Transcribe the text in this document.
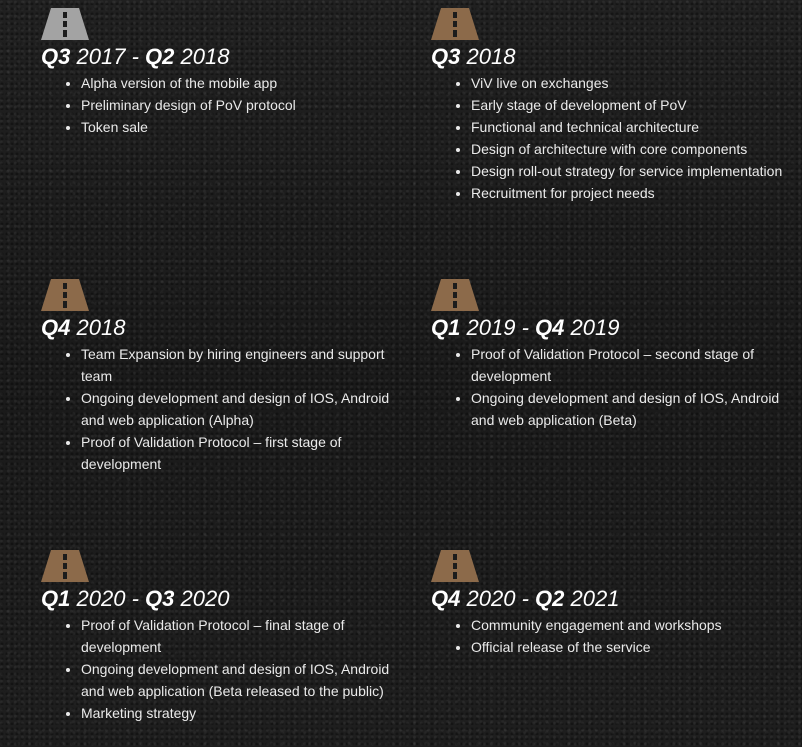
Q3 2017 - Q2 2018
• Alpha version of the mobile app
• Preliminary design of PoV protocol
• Token sale
Q3 2018
• ViV live on exchanges
• Early stage of development of PoV
• Functional and technical architecture
• Design of architecture with core components
• Design roll-out strategy for service implementation
• Recruitment for project needs
Q4 2018
• Team Expansion by hiring engineers and support team
• Ongoing development and design of IOS, Android and web application (Alpha)
• Proof of Validation Protocol – first stage of development
Q1 2019 - Q4 2019
• Proof of Validation Protocol – second stage of development
• Ongoing development and design of IOS, Android and web application (Beta)
Q1 2020 - Q3 2020
• Proof of Validation Protocol – final stage of development
• Ongoing development and design of IOS, Android and web application (Beta released to the public)
• Marketing strategy
Q4 2020 - Q2 2021
• Community engagement and workshops
• Official release of the service
